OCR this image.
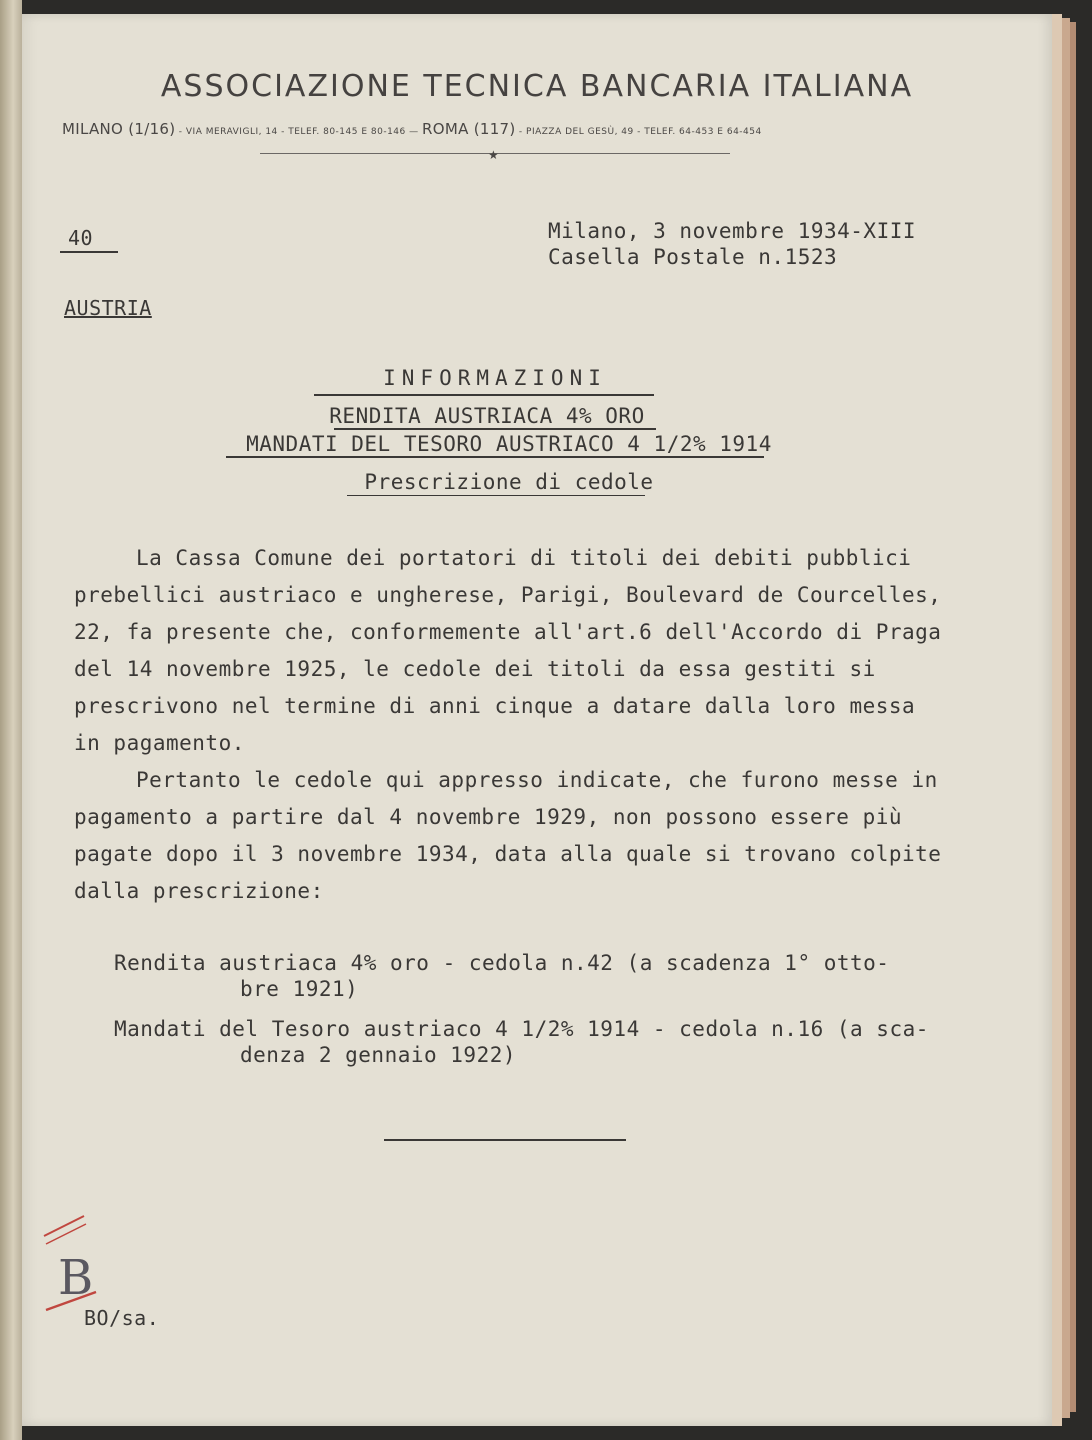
ASSOCIAZIONE TECNICA BANCARIA ITALIANA
MILANO (1/16) - VIA MERAVIGLI, 14 - TELEF. 80-145 E 80-146 — ROMA (117) - PIAZZA DEL GESÙ, 49 - TELEF. 64-453 E 64-454
★
40
AUSTRIA
Milano, 3 novembre 1934-XIII
Casella Postale n.1523
INFORMAZIONI
RENDITA AUSTRIACA 4% ORO
MANDATI DEL TESORO AUSTRIACO 4 1/2% 1914
Prescrizione di cedole

La Cassa Comune dei portatori di titoli dei debiti pubblici prebellici austriaco e ungherese, Parigi, Boulevard de Courcelles, 22, fa presente che, conformemente all'art.6 dell'Accordo di Praga del 14 novembre 1925, le cedole dei titoli da essa gestiti si prescrivono nel termine di anni cinque a datare dalla loro messa in pagamento.

Pertanto le cedole qui appresso indicate, che furono messe in pagamento a partire dal 4 novembre 1929, non possono essere più pagate dopo il 3 novembre 1934, data alla quale si trovano colpite dalla prescrizione:

Rendita austriaca 4% oro - cedola n.42 (a scadenza 1° otto-
bre 1921)
Mandati del Tesoro austriaco 4 1/2% 1914 - cedola n.16 (a sca-
denza 2 gennaio 1922)
B
BO/sa.
